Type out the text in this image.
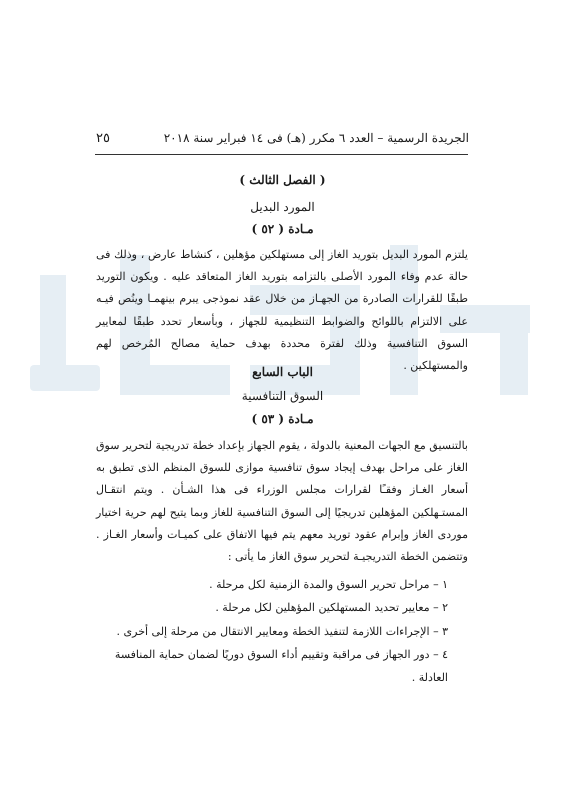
الجريدة الرسمية – العدد ٦ مكرر (هـ) فى ١٤ فبراير سنة ٢٠١٨
٢٥
( الفصل الثالث )
المورد البديل
مـادة ( ٥٢ )
يلتزم المورد البديل بتوريد الغاز إلى مستهلكين مؤهلين ، كنشاط عارض ، وذلك فى حالة عدم وفاء المورد الأصلى بالتزامه بتوريد الغاز المتعاقد عليه . ويكون التوريد طبقًا للقرارات الصادرة من الجهـاز من خلال عقد نموذجى يبرم بينهمـا وينُص فيـه على الالتزام باللوائح والضوابط التنظيمية للجهاز ، وبأسعار تحدد طبقًا لمعايير السوق التنافسية وذلك لفترة محددة بهدف حماية مصالح المُرخص لهم والمستهلكين .
الباب السابع
السوق التنافسية
مـادة ( ٥٣ )
بالتنسيق مع الجهات المعنية بالدولة ، يقوم الجهاز بإعداد خطة تدريجية لتحرير سوق الغاز على مراحل بهدف إيجاد سوق تنافسية موازى للسوق المنظم الذى تطبق به أسعار الغـاز وفقـًا لقرارات مجلس الوزراء فى هذا الشـأن . ويتم انتقـال المستـهلكين المؤهلين تدريجيًا إلى السوق التنافسية للغاز وبما يتيح لهم حرية اختيار موردى الغاز وإبرام عقود توريد معهم يتم فيها الاتفاق على كميـات وأسعار الغـاز . وتتضمن الخطة التدريجيـة لتحرير سوق الغاز ما يأتى :
١ – مراحل تحرير السوق والمدة الزمنية لكل مرحلة .
٢ – معايير تحديد المستهلكين المؤهلين لكل مرحلة .
٣ – الإجراءات اللازمة لتنفيذ الخطة ومعايير الانتقال من مرحلة إلى أخرى .
٤ – دور الجهاز فى مراقبة وتقييم أداء السوق دوريًا لضمان حماية المنافسة العادلة .
